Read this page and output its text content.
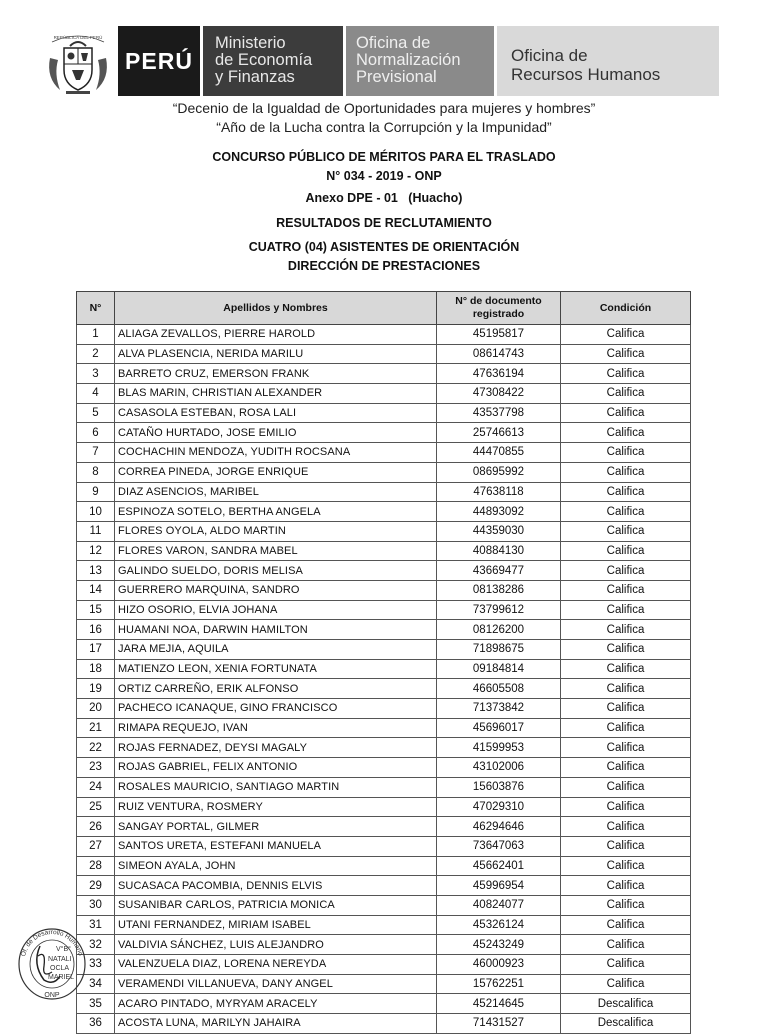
REPÚBLICA DEL PERÚ
PERÚ
Ministerio
de Economía
y Finanzas
Oficina de
Normalización
Previsional
Oficina de
Recursos Humanos
“Decenio de la Igualdad de Oportunidades para mujeres y hombres”
“Año de la Lucha contra la Corrupción y la Impunidad”
CONCURSO PÚBLICO DE MÉRITOS PARA EL TRASLADO
N° 034 - 2019 - ONP
Anexo DPE - 01   (Huacho)
RESULTADOS DE RECLUTAMIENTO
CUATRO (04) ASISTENTES DE ORIENTACIÓN
DIRECCIÓN DE PRESTACIONES
N°	Apellidos y Nombres	N° de documento registrado	Condición
1	ALIAGA ZEVALLOS, PIERRE HAROLD	45195817	Califica
2	ALVA PLASENCIA, NERIDA MARILU	08614743	Califica
3	BARRETO CRUZ, EMERSON FRANK	47636194	Califica
4	BLAS MARIN, CHRISTIAN ALEXANDER	47308422	Califica
5	CASASOLA ESTEBAN, ROSA LALI	43537798	Califica
6	CATAÑO HURTADO, JOSE EMILIO	25746613	Califica
7	COCHACHIN MENDOZA, YUDITH ROCSANA	44470855	Califica
8	CORREA PINEDA, JORGE ENRIQUE	08695992	Califica
9	DIAZ ASENCIOS, MARIBEL	47638118	Califica
10	ESPINOZA SOTELO, BERTHA ANGELA	44893092	Califica
11	FLORES OYOLA, ALDO MARTIN	44359030	Califica
12	FLORES VARON, SANDRA MABEL	40884130	Califica
13	GALINDO SUELDO, DORIS MELISA	43669477	Califica
14	GUERRERO MARQUINA, SANDRO	08138286	Califica
15	HIZO OSORIO, ELVIA JOHANA	73799612	Califica
16	HUAMANI NOA, DARWIN HAMILTON	08126200	Califica
17	JARA MEJIA, AQUILA	71898675	Califica
18	MATIENZO LEON, XENIA FORTUNATA	09184814	Califica
19	ORTIZ CARREÑO, ERIK ALFONSO	46605508	Califica
20	PACHECO ICANAQUE, GINO FRANCISCO	71373842	Califica
21	RIMAPA REQUEJO, IVAN	45696017	Califica
22	ROJAS FERNADEZ, DEYSI MAGALY	41599953	Califica
23	ROJAS GABRIEL, FELIX ANTONIO	43102006	Califica
24	ROSALES MAURICIO, SANTIAGO MARTIN	15603876	Califica
25	RUIZ VENTURA, ROSMERY	47029310	Califica
26	SANGAY PORTAL, GILMER	46294646	Califica
27	SANTOS URETA, ESTEFANI MANUELA	73647063	Califica
28	SIMEON AYALA, JOHN	45662401	Califica
29	SUCASACA PACOMBIA, DENNIS ELVIS	45996954	Califica
30	SUSANIBAR CARLOS, PATRICIA MONICA	40824077	Califica
31	UTANI FERNANDEZ, MIRIAM ISABEL	45326124	Califica
32	VALDIVIA SÁNCHEZ, LUIS ALEJANDRO	45243249	Califica
33	VALENZUELA DIAZ, LORENA NEREYDA	46000923	Califica
34	VERAMENDI VILLANUEVA, DANY ANGEL	15762251	Califica
35	ACARO PINTADO, MYRYAM ARACELY	45214645	Descalifica
36	ACOSTA LUNA, MARILYN JAHAIRA	71431527	Descalifica
Of. de Desarrollo Humano
V°B°
NATALI
OCLA
MARIEL
ONP
